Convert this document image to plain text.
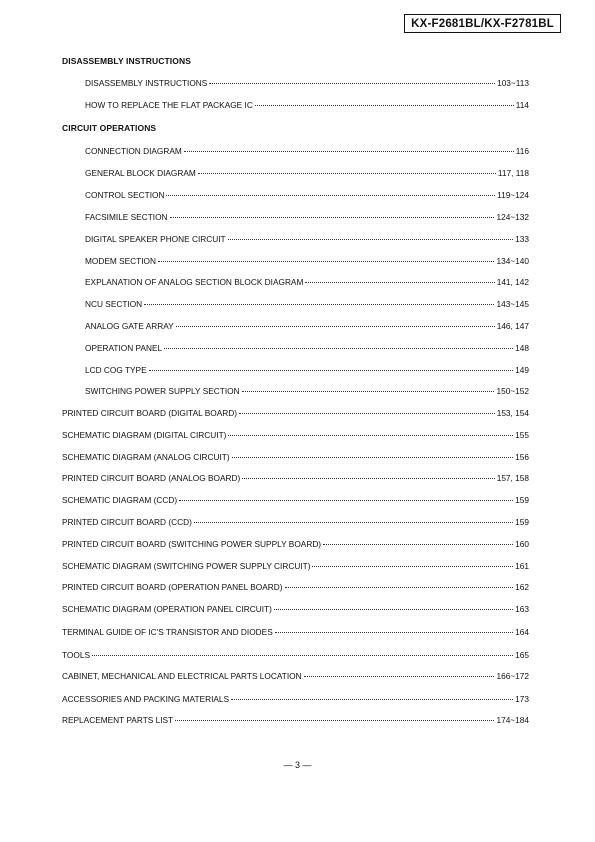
KX-F2681BL/KX-F2781BL
DISASSEMBLY INSTRUCTIONS
DISASSEMBLY INSTRUCTIONS	103~113
HOW TO REPLACE THE FLAT PACKAGE IC	114
CIRCUIT OPERATIONS
CONNECTION DIAGRAM	116
GENERAL BLOCK DIAGRAM	117, 118
CONTROL SECTION	119~124
FACSIMILE SECTION	124~132
DIGITAL SPEAKER PHONE CIRCUIT	133
MODEM SECTION	134~140
EXPLANATION OF ANALOG SECTION BLOCK DIAGRAM	141, 142
NCU SECTION	143~145
ANALOG GATE ARRAY	146, 147
OPERATION PANEL	148
LCD COG TYPE	149
SWITCHING POWER SUPPLY SECTION	150~152
PRINTED CIRCUIT BOARD (DIGITAL BOARD)	153, 154
SCHEMATIC DIAGRAM (DIGITAL CIRCUIT)	155
SCHEMATIC DIAGRAM (ANALOG CIRCUIT)	156
PRINTED CIRCUIT BOARD (ANALOG BOARD)	157, 158
SCHEMATIC DIAGRAM (CCD)	159
PRINTED CIRCUIT BOARD (CCD)	159
PRINTED CIRCUIT BOARD (SWITCHING POWER SUPPLY BOARD)	160
SCHEMATIC DIAGRAM (SWITCHING POWER SUPPLY CIRCUIT)	161
PRINTED CIRCUIT BOARD (OPERATION PANEL BOARD)	162
SCHEMATIC DIAGRAM (OPERATION PANEL CIRCUIT)	163
TERMINAL GUIDE OF IC'S TRANSISTOR AND DIODES	164
TOOLS	165
CABINET, MECHANICAL AND ELECTRICAL PARTS LOCATION	166~172
ACCESSORIES AND PACKING MATERIALS	173
REPLACEMENT PARTS LIST	174~184
— 3 —
